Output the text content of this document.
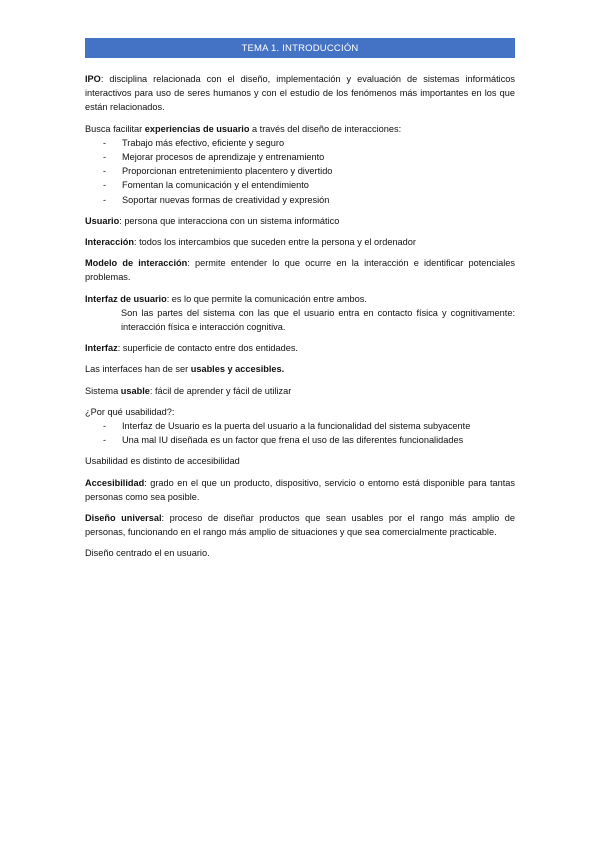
TEMA 1. INTRODUCCIÓN

IPO: disciplina relacionada con el diseño, implementación y evaluación de sistemas informáticos interactivos para uso de seres humanos y con el estudio de los fenómenos más importantes en los que están relacionados.

Busca facilitar experiencias de usuario a través del diseño de interacciones:

- Trabajo más efectivo, eficiente y seguro
- Mejorar procesos de aprendizaje y entrenamiento
- Proporcionan entretenimiento placentero y divertido
- Fomentan la comunicación y el entendimiento
- Soportar nuevas formas de creatividad y expresión

Usuario: persona que interacciona con un sistema informático

Interacción: todos los intercambios que suceden entre la persona y el ordenador

Modelo de interacción: permite entender lo que ocurre en la interacción e identificar potenciales problemas.

Interfaz de usuario: es lo que permite la comunicación entre ambos.

Son las partes del sistema con las que el usuario entra en contacto física y cognitivamente: interacción física e interacción cognitiva.

Interfaz: superficie de contacto entre dos entidades.

Las interfaces han de ser usables y accesibles.

Sistema usable: fácil de aprender y fácil de utilizar

¿Por qué usabilidad?:

- Interfaz de Usuario es la puerta del usuario a la funcionalidad del sistema subyacente
- Una mal IU diseñada es un factor que frena el uso de las diferentes funcionalidades

Usabilidad es distinto de accesibilidad

Accesibilidad: grado en el que un producto, dispositivo, servicio o entorno está disponible para tantas personas como sea posible.

Diseño universal: proceso de diseñar productos que sean usables por el rango más amplio de personas, funcionando en el rango más amplio de situaciones y que sea comercialmente practicable.

Diseño centrado el en usuario.
